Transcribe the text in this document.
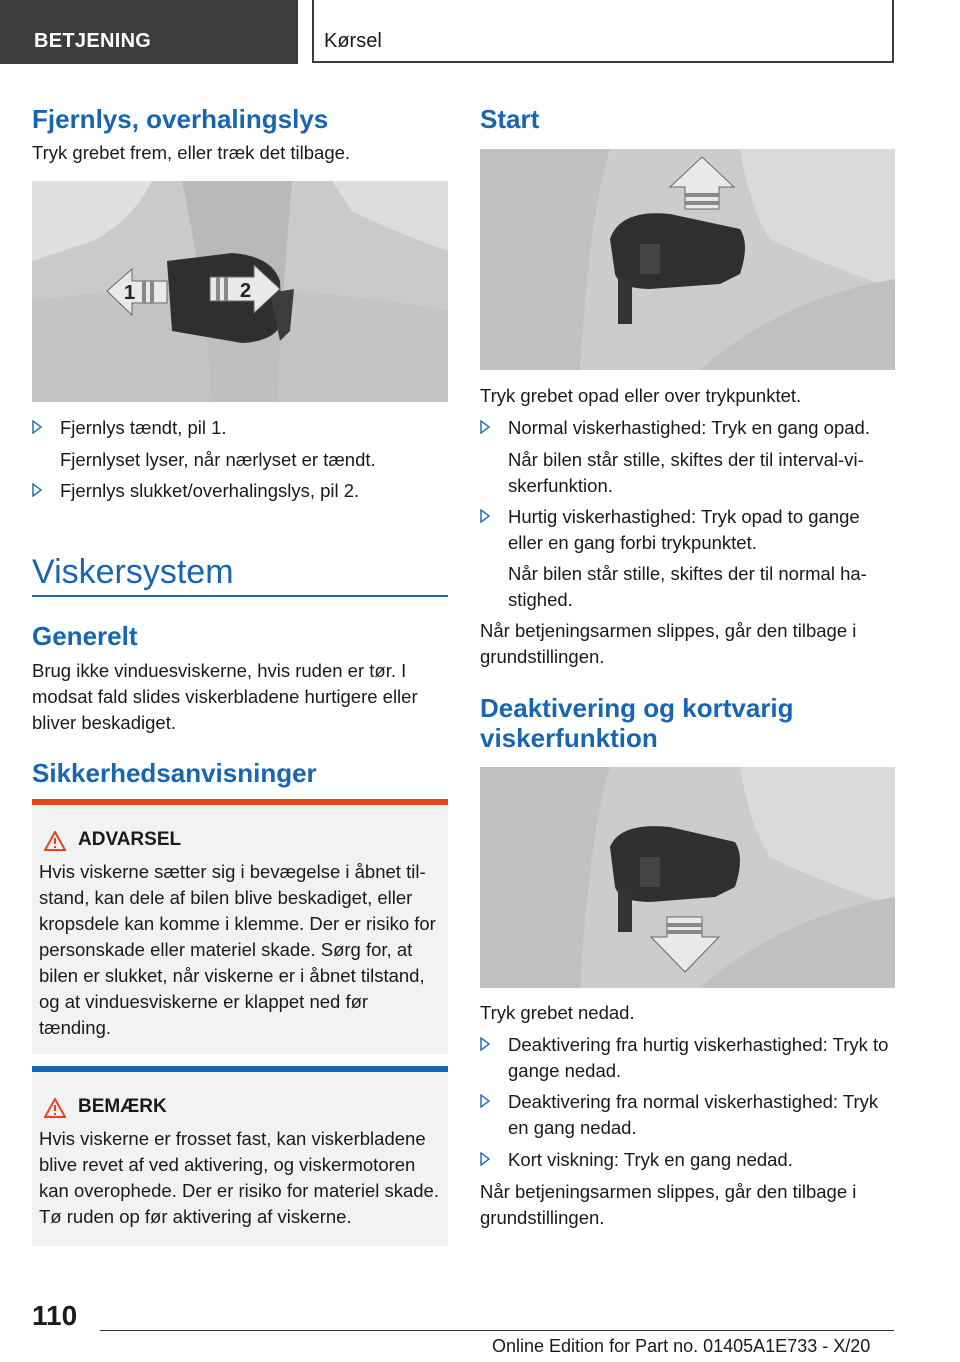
BETJENING	Kørsel
Fjernlys, overhalingslys

Tryk grebet frem, eller træk det tilbage.

1	2
Fjernlys tændt, pil 1.
Fjernlyset lyser, når nærlyset er tændt.
Fjernlys slukket/overhalingslys, pil 2.
Viskersystem
Generelt

Brug ikke vinduesviskerne, hvis ruden er tør. I modsat fald slides viskerbladene hurtigere eller bliver beskadiget.

Sikkerhedsanvisninger
ADVARSEL
Hvis viskerne sætter sig i bevægelse i åbnet tilstand, kan dele af bilen blive beskadiget, eller kropsdele kan komme i klemme. Der er risiko for personskade eller materiel skade. Sørg for, at bilen er slukket, når viskerne er i åbnet tilstand, og at vinduesviskerne er klappet ned før tænding.
BEMÆRK
Hvis viskerne er frosset fast, kan viskerbladene blive revet af ved aktivering, og viskermotoren kan overophede. Der er risiko for materiel skade. Tø ruden op før aktivering af viskerne.
Start

Tryk grebet opad eller over trykpunktet.

Normal viskerhastighed: Tryk en gang opad.
Når bilen står stille, skiftes der til interval-viskerfunktion.
Hurtig viskerhastighed: Tryk opad to gange eller en gang forbi trykpunktet.
Når bilen står stille, skiftes der til normal hastighed.

Når betjeningsarmen slippes, går den tilbage i grundstillingen.

Deaktivering og kortvarig viskerfunktion

Tryk grebet nedad.

Deaktivering fra hurtig viskerhastighed: Tryk to gange nedad.
Deaktivering fra normal viskerhastighed: Tryk en gang nedad.
Kort viskning: Tryk en gang nedad.

Når betjeningsarmen slippes, går den tilbage i grundstillingen.

110
Online Edition for Part no. 01405A1E733 - X/20
